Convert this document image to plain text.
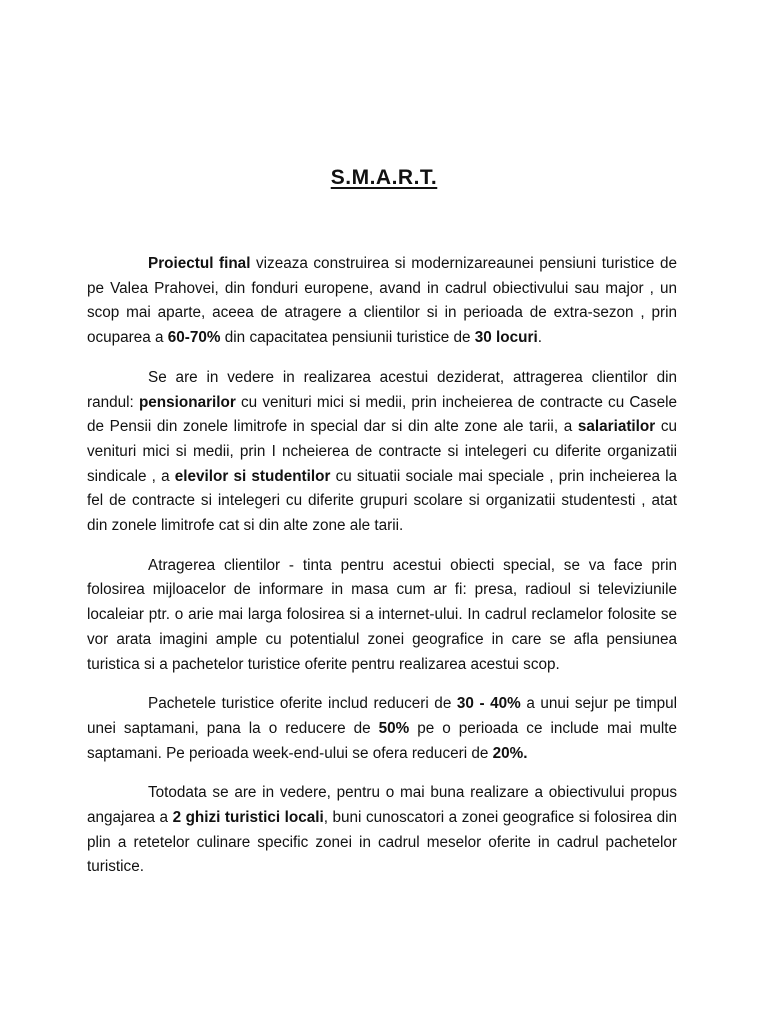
S.M.A.R.T.

Proiectul final vizeaza construirea si modernizareaunei pensiuni turistice de pe Valea Prahovei, din fonduri europene, avand in cadrul obiectivului sau major , un scop mai aparte, aceea de atragere a clientilor si in perioada de extra-sezon , prin ocuparea a 60-70% din capacitatea pensiunii turistice de 30 locuri.

Se are in vedere in realizarea acestui deziderat, attragerea clientilor din randul: pensionarilor cu venituri mici si medii, prin incheierea de contracte cu Casele de Pensii din zonele limitrofe in special dar si din alte zone ale tarii, a salariatilor cu venituri mici si medii, prin I ncheierea de contracte si intelegeri cu diferite organizatii sindicale , a elevilor si studentilor cu situatii sociale mai speciale , prin incheierea la fel de contracte si intelegeri cu diferite grupuri scolare si organizatii studentesti , atat din zonele limitrofe cat si din alte zone ale tarii.

Atragerea clientilor - tinta pentru acestui obiecti special, se va face prin folosirea mijloacelor de informare in masa cum ar fi: presa, radioul si televiziunile localeiar ptr. o arie mai larga folosirea si a internet-ului. In cadrul reclamelor folosite se vor arata imagini ample cu potentialul zonei geografice in care se afla pensiunea turistica si a pachetelor turistice oferite pentru realizarea acestui scop.

Pachetele turistice oferite includ reduceri de 30 - 40% a unui sejur pe timpul unei saptamani, pana la o reducere de 50% pe o perioada ce include mai multe saptamani. Pe perioada week-end-ului se ofera reduceri de 20%.

Totodata se are in vedere, pentru o mai buna realizare a obiectivului propus angajarea a 2 ghizi turistici locali, buni cunoscatori a zonei geografice si folosirea din plin a retetelor culinare specific zonei in cadrul meselor oferite in cadrul pachetelor turistice.
